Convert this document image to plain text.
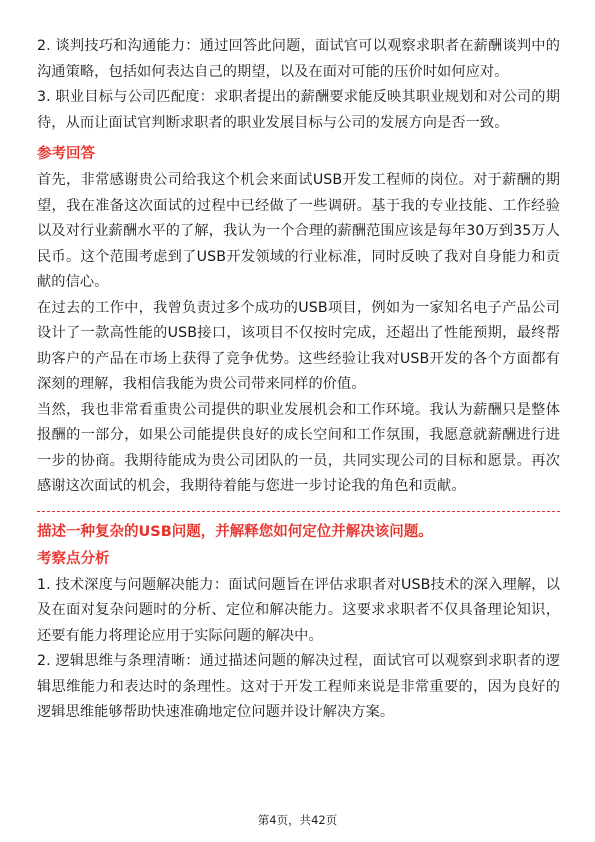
2. 谈判技巧和沟通能力：通过回答此问题，面试官可以观察求职者在薪酬谈判中的沟通策略，包括如何表达自己的期望，以及在面对可能的压价时如何应对。

3. 职业目标与公司匹配度：求职者提出的薪酬要求能反映其职业规划和对公司的期待，从而让面试官判断求职者的职业发展目标与公司的发展方向是否一致。

参考回答

首先，非常感谢贵公司给我这个机会来面试USB开发工程师的岗位。对于薪酬的期望，我在准备这次面试的过程中已经做了一些调研。基于我的专业技能、工作经验以及对行业薪酬水平的了解，我认为一个合理的薪酬范围应该是每年30万到35万人民币。这个范围考虑到了USB开发领域的行业标准，同时反映了我对自身能力和贡献的信心。

在过去的工作中，我曾负责过多个成功的USB项目，例如为一家知名电子产品公司设计了一款高性能的USB接口，该项目不仅按时完成，还超出了性能预期，最终帮助客户的产品在市场上获得了竞争优势。这些经验让我对USB开发的各个方面都有深刻的理解，我相信我能为贵公司带来同样的价值。

当然，我也非常看重贵公司提供的职业发展机会和工作环境。我认为薪酬只是整体报酬的一部分，如果公司能提供良好的成长空间和工作氛围，我愿意就薪酬进行进一步的协商。我期待能成为贵公司团队的一员，共同实现公司的目标和愿景。再次感谢这次面试的机会，我期待着能与您进一步讨论我的角色和贡献。

描述一种复杂的USB问题，并解释您如何定位并解决该问题。
考察点分析

1. 技术深度与问题解决能力：面试问题旨在评估求职者对USB技术的深入理解，以及在面对复杂问题时的分析、定位和解决能力。这要求求职者不仅具备理论知识，还要有能力将理论应用于实际问题的解决中。

2. 逻辑思维与条理清晰：通过描述问题的解决过程，面试官可以观察到求职者的逻辑思维能力和表达时的条理性。这对于开发工程师来说是非常重要的，因为良好的逻辑思维能够帮助快速准确地定位问题并设计解决方案。

第4页，共42页
